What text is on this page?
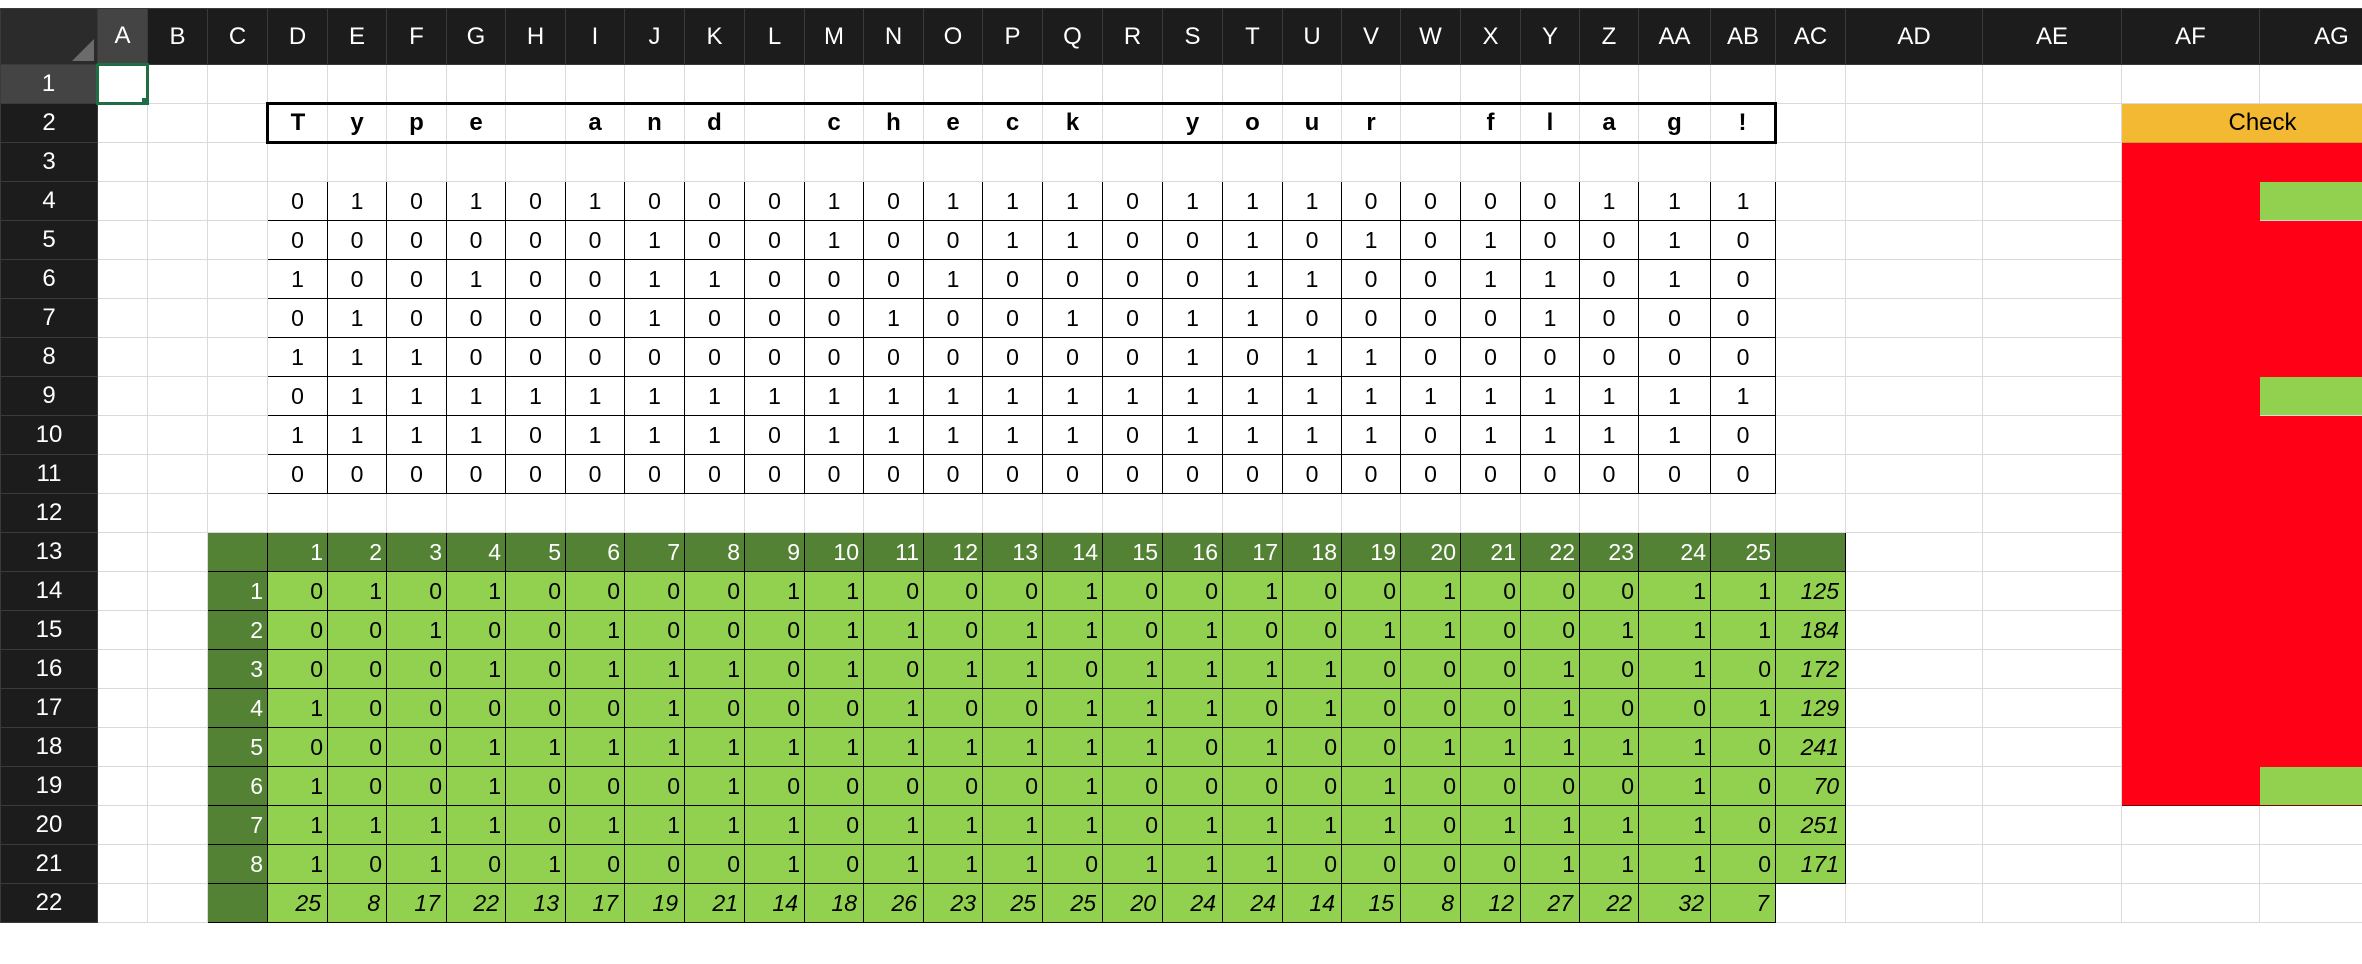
	A	B	C	D	E	F	G	H	I	J	K	L	M	N	O	P	Q	R	S	T	U	V	W	X	Y	Z	AA	AB	AC	AD	AE	AF	AG
1																																	
2				T	y	p	e		a	n	d		c	h	e	c	k		y	o	u	r		f	l	a	g	!				Check	
3																																	
4				0	1	0	1	0	1	0	0	0	1	0	1	1	1	0	1	1	1	0	0	0	0	1	1	1					
5				0	0	0	0	0	0	1	0	0	1	0	0	1	1	0	0	1	0	1	0	1	0	0	1	0					
6				1	0	0	1	0	0	1	1	0	0	0	1	0	0	0	0	1	1	0	0	1	1	0	1	0					
7				0	1	0	0	0	0	1	0	0	0	1	0	0	1	0	1	1	0	0	0	0	1	0	0	0					
8				1	1	1	0	0	0	0	0	0	0	0	0	0	0	0	1	0	1	1	0	0	0	0	0	0					
9				0	1	1	1	1	1	1	1	1	1	1	1	1	1	1	1	1	1	1	1	1	1	1	1	1					
10				1	1	1	1	0	1	1	1	0	1	1	1	1	1	0	1	1	1	1	0	1	1	1	1	0					
11				0	0	0	0	0	0	0	0	0	0	0	0	0	0	0	0	0	0	0	0	0	0	0	0	0					
12																																	
13				1	2	3	4	5	6	7	8	9	10	11	12	13	14	15	16	17	18	19	20	21	22	23	24	25					
14			1	0	1	0	1	0	0	0	0	1	1	0	0	0	1	0	0	1	0	0	1	0	0	0	1	1	125				
15			2	0	0	1	0	0	1	0	0	0	1	1	0	1	1	0	1	0	0	1	1	0	0	1	1	1	184				
16			3	0	0	0	1	0	1	1	1	0	1	0	1	1	0	1	1	1	1	0	0	0	1	0	1	0	172				
17			4	1	0	0	0	0	0	1	0	0	0	1	0	0	1	1	1	0	1	0	0	0	1	0	0	1	129				
18			5	0	0	0	1	1	1	1	1	1	1	1	1	1	1	1	0	1	0	0	1	1	1	1	1	0	241				
19			6	1	0	0	1	0	0	0	1	0	0	0	0	0	1	0	0	0	0	1	0	0	0	0	1	0	70				
20			7	1	1	1	1	0	1	1	1	1	0	1	1	1	1	0	1	1	1	1	0	1	1	1	1	0	251				
21			8	1	0	1	0	1	0	0	0	1	0	1	1	1	0	1	1	1	0	0	0	0	1	1	1	0	171				
22				25	8	17	22	13	17	19	21	14	18	26	23	25	25	20	24	24	14	15	8	12	27	22	32	7					
